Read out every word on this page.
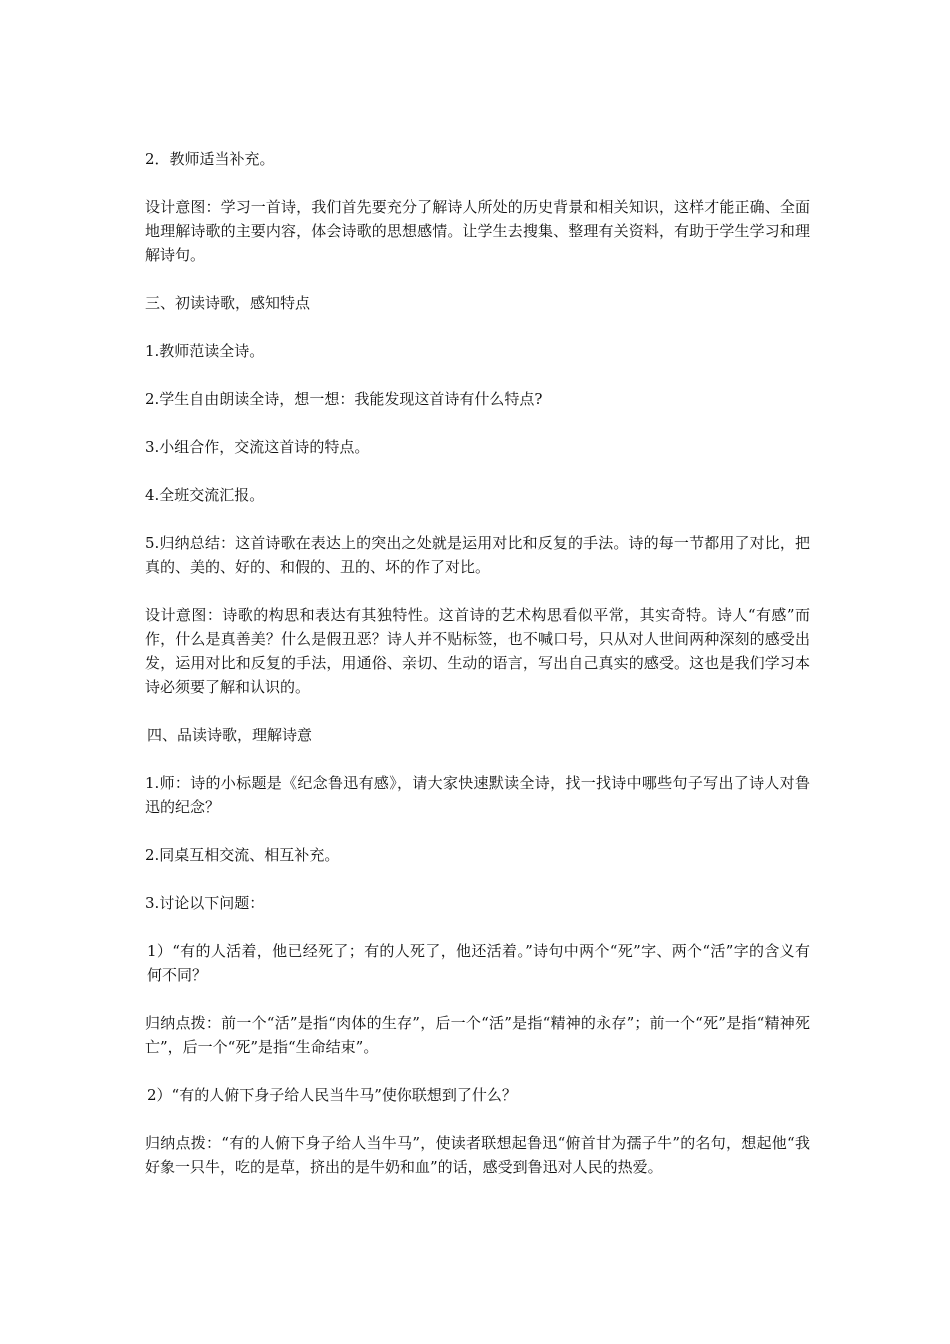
2．教师适当补充。

设计意图：学习一首诗，我们首先要充分了解诗人所处的历史背景和相关知识，这样才能正确、全面地理解诗歌的主要内容，体会诗歌的思想感情。让学生去搜集、整理有关资料，有助于学生学习和理解诗句。

三、初读诗歌，感知特点

1.教师范读全诗。

2.学生自由朗读全诗，想一想：我能发现这首诗有什么特点?

3.小组合作，交流这首诗的特点。

4.全班交流汇报。

5.归纳总结：这首诗歌在表达上的突出之处就是运用对比和反复的手法。诗的每一节都用了对比，把真的、美的、好的、和假的、丑的、坏的作了对比。

设计意图：诗歌的构思和表达有其独特性。这首诗的艺术构思看似平常，其实奇特。诗人“有感”而作，什么是真善美？什么是假丑恶？诗人并不贴标签，也不喊口号，只从对人世间两种深刻的感受出发，运用对比和反复的手法，用通俗、亲切、生动的语言，写出自己真实的感受。这也是我们学习本诗必须要了解和认识的。

四、品读诗歌，理解诗意

1.师：诗的小标题是《纪念鲁迅有感》，请大家快速默读全诗，找一找诗中哪些句子写出了诗人对鲁迅的纪念？

2.同桌互相交流、相互补充。

3.讨论以下问题：

1）“有的人活着，他已经死了；有的人死了，他还活着。”诗句中两个“死”字、两个“活”字的含义有何不同？

归纳点拨：前一个“活”是指“肉体的生存”，后一个“活”是指“精神的永存”；前一个“死”是指“精神死亡”，后一个“死”是指“生命结束”。

2）“有的人俯下身子给人民当牛马”使你联想到了什么？

归纳点拨：“有的人俯下身子给人当牛马”，使读者联想起鲁迅“俯首甘为孺子牛”的名句，想起他“我好象一只牛，吃的是草，挤出的是牛奶和血”的话，感受到鲁迅对人民的热爱。
